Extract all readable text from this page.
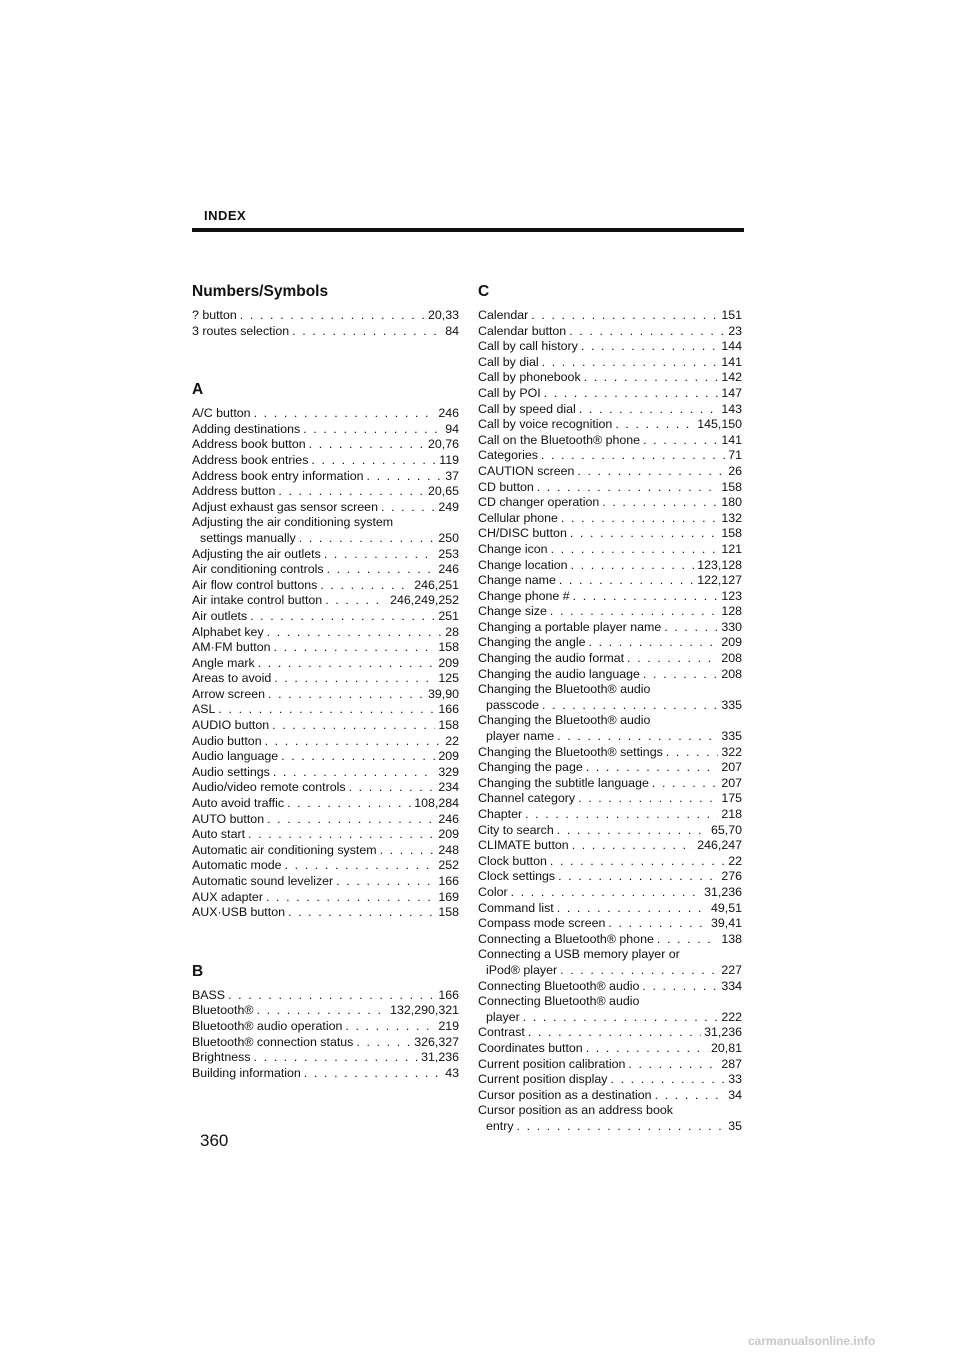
INDEX
Numbers/Symbols
? button . . .	20,33
3 routes selection . . .	84
A
A/C button . . .	246
Adding destinations . . .	94
Address book button . . .	20,76
Address book entries . . .	119
Address book entry information . . .	37
Address button . . .	20,65
Adjust exhaust gas sensor screen . . .	249
Adjusting the air conditioning system
settings manually . . .	250
Adjusting the air outlets . . .	253
Air conditioning controls . . .	246
Air flow control buttons . . .	246,251
Air intake control button . . .	246,249,252
Air outlets . . .	251
Alphabet key . . .	28
AM·FM button . . .	158
Angle mark . . .	209
Areas to avoid . . .	125
Arrow screen . . .	39,90
ASL . . .	166
AUDIO button . . .	158
Audio button . . .	22
Audio language . . .	209
Audio settings . . .	329
Audio/video remote controls . . .	234
Auto avoid traffic . . .	108,284
AUTO button . . .	246
Auto start . . .	209
Automatic air conditioning system . . .	248
Automatic mode . . .	252
Automatic sound levelizer . . .	166
AUX adapter . . .	169
AUX·USB button . . .	158
B
BASS . . .	166
Bluetooth® . . .	132,290,321
Bluetooth® audio operation . . .	219
Bluetooth® connection status . . .	326,327
Brightness . . .	31,236
Building information . . .	43
C
Calendar . . .	151
Calendar button . . .	23
Call by call history . . .	144
Call by dial . . .	141
Call by phonebook . . .	142
Call by POI . . .	147
Call by speed dial . . .	143
Call by voice recognition . . .	145,150
Call on the Bluetooth® phone . . .	141
Categories . . .	71
CAUTION screen . . .	26
CD button . . .	158
CD changer operation . . .	180
Cellular phone . . .	132
CH/DISC button . . .	158
Change icon . . .	121
Change location . . .	123,128
Change name . . .	122,127
Change phone # . . .	123
Change size . . .	128
Changing a portable player name . . .	330
Changing the angle . . .	209
Changing the audio format . . .	208
Changing the audio language . . .	208
Changing the Bluetooth® audio
passcode . . .	335
Changing the Bluetooth® audio
player name . . .	335
Changing the Bluetooth® settings . . .	322
Changing the page . . .	207
Changing the subtitle language . . .	207
Channel category . . .	175
Chapter . . .	218
City to search . . .	65,70
CLIMATE button . . .	246,247
Clock button . . .	22
Clock settings . . .	276
Color . . .	31,236
Command list . . .	49,51
Compass mode screen . . .	39,41
Connecting a Bluetooth® phone . . .	138
Connecting a USB memory player or
iPod® player . . .	227
Connecting Bluetooth® audio . . .	334
Connecting Bluetooth® audio
player . . .	222
Contrast . . .	31,236
Coordinates button . . .	20,81
Current position calibration . . .	287
Current position display . . .	33
Cursor position as a destination . . .	34
Cursor position as an address book
entry . . .	35
360
carmanualsonline.info
